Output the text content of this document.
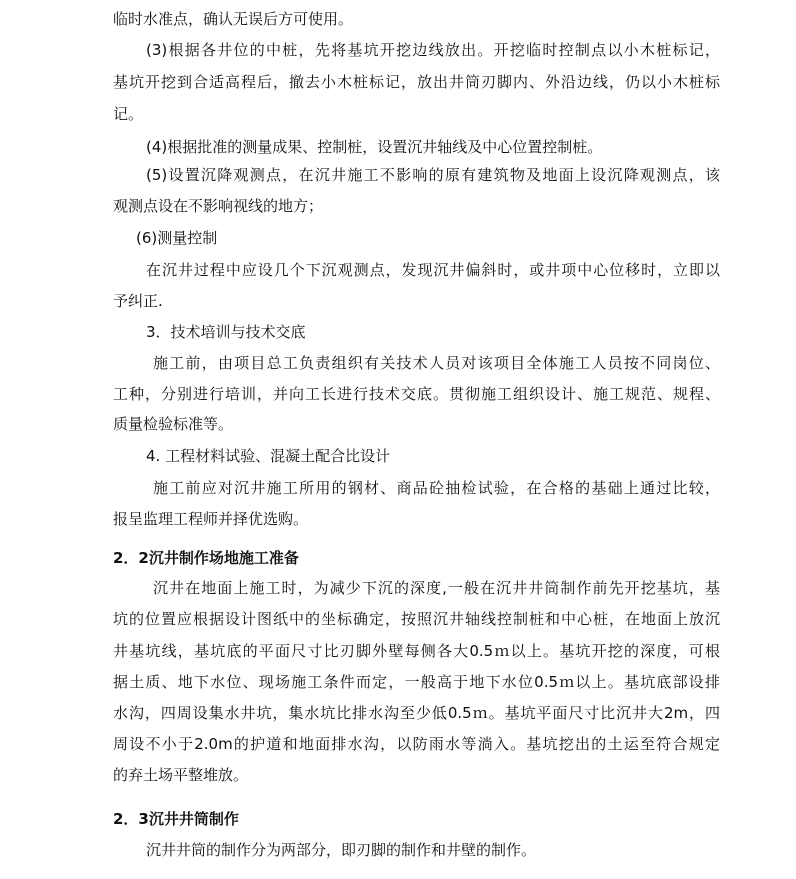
临时水准点，确认无误后方可使用。
(3)根据各井位的中桩，先将基坑开挖边线放出。开挖临时控制点以小木桩标记，
基坑开挖到合适高程后，撤去小木桩标记，放出井筒刃脚内、外沿边线，仍以小木桩标
记。
(4)根据批准的测量成果、控制桩，设置沉井轴线及中心位置控制桩。
(5)设置沉降观测点，在沉井施工不影响的原有建筑物及地面上设沉降观测点，该
观测点设在不影响视线的地方；
(6)测量控制
在沉井过程中应设几个下沉观测点，发现沉井偏斜时，或井项中心位移时，立即以
予纠正.
3．技术培训与技术交底
施工前，由项目总工负责组织有关技术人员对该项目全体施工人员按不同岗位、
工种，分别进行培训，并向工长进行技术交底。贯彻施工组织设计、施工规范、规程、
质量检验标准等。
4. 工程材料试验、混凝土配合比设计
施工前应对沉井施工所用的钢材、商品砼抽检试验，在合格的基础上通过比较，
报呈监理工程师并择优选购。
2．2沉井制作场地施工准备
沉井在地面上施工时，为减少下沉的深度,一般在沉井井筒制作前先开挖基坑，基
坑的位置应根据设计图纸中的坐标确定，按照沉井轴线控制桩和中心桩，在地面上放沉
井基坑线，基坑底的平面尺寸比刃脚外壁每侧各大0.5ｍ以上。基坑开挖的深度，可根
据土质、地下水位、现场施工条件而定，一般高于地下水位0.5ｍ以上。基坑底部设排
水沟，四周设集水井坑，集水坑比排水沟至少低0.5ｍ。基坑平面尺寸比沉井大2m，四
周设不小于2.0m的护道和地面排水沟，以防雨水等淌入。基坑挖出的土运至符合规定
的弃土场平整堆放。
2．3沉井井筒制作
沉井井筒的制作分为两部分，即刃脚的制作和井壁的制作。
